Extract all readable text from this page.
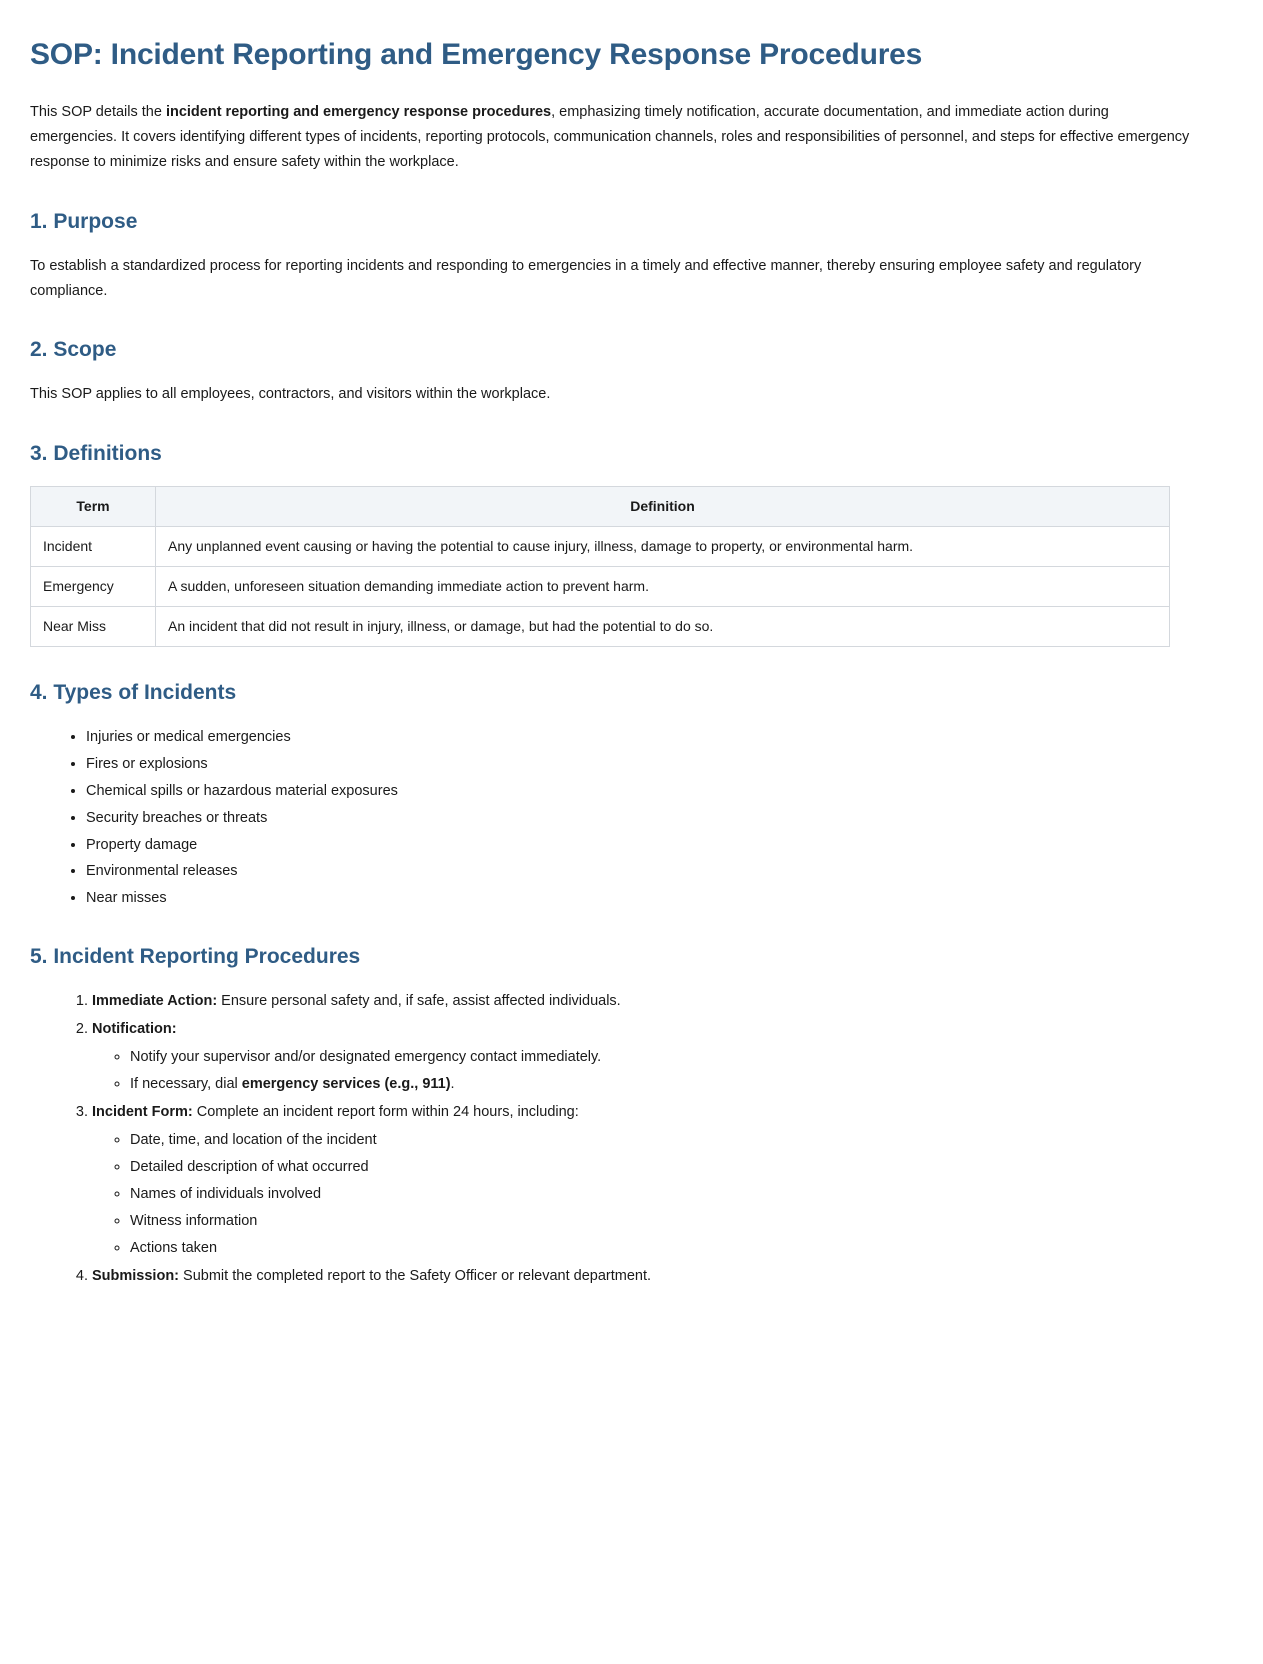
SOP: Incident Reporting and Emergency Response Procedures

This SOP details the incident reporting and emergency response procedures, emphasizing timely notification, accurate documentation, and immediate action during emergencies. It covers identifying different types of incidents, reporting protocols, communication channels, roles and responsibilities of personnel, and steps for effective emergency response to minimize risks and ensure safety within the workplace.

1. Purpose

To establish a standardized process for reporting incidents and responding to emergencies in a timely and effective manner, thereby ensuring employee safety and regulatory compliance.

2. Scope

This SOP applies to all employees, contractors, and visitors within the workplace.

3. Definitions
Term	Definition
Incident	Any unplanned event causing or having the potential to cause injury, illness, damage to property, or environmental harm.
Emergency	A sudden, unforeseen situation demanding immediate action to prevent harm.
Near Miss	An incident that did not result in injury, illness, or damage, but had the potential to do so.
4. Types of Incidents
• Injuries or medical emergencies
• Fires or explosions
• Chemical spills or hazardous material exposures
• Security breaches or threats
• Property damage
• Environmental releases
• Near misses
5. Incident Reporting Procedures
1. Immediate Action: Ensure personal safety and, if safe, assist affected individuals.
2. Notification:
◦ Notify your supervisor and/or designated emergency contact immediately.
◦ If necessary, dial emergency services (e.g., 911).
3. Incident Form: Complete an incident report form within 24 hours, including:
◦ Date, time, and location of the incident
◦ Detailed description of what occurred
◦ Names of individuals involved
◦ Witness information
◦ Actions taken
4. Submission: Submit the completed report to the Safety Officer or relevant department.
